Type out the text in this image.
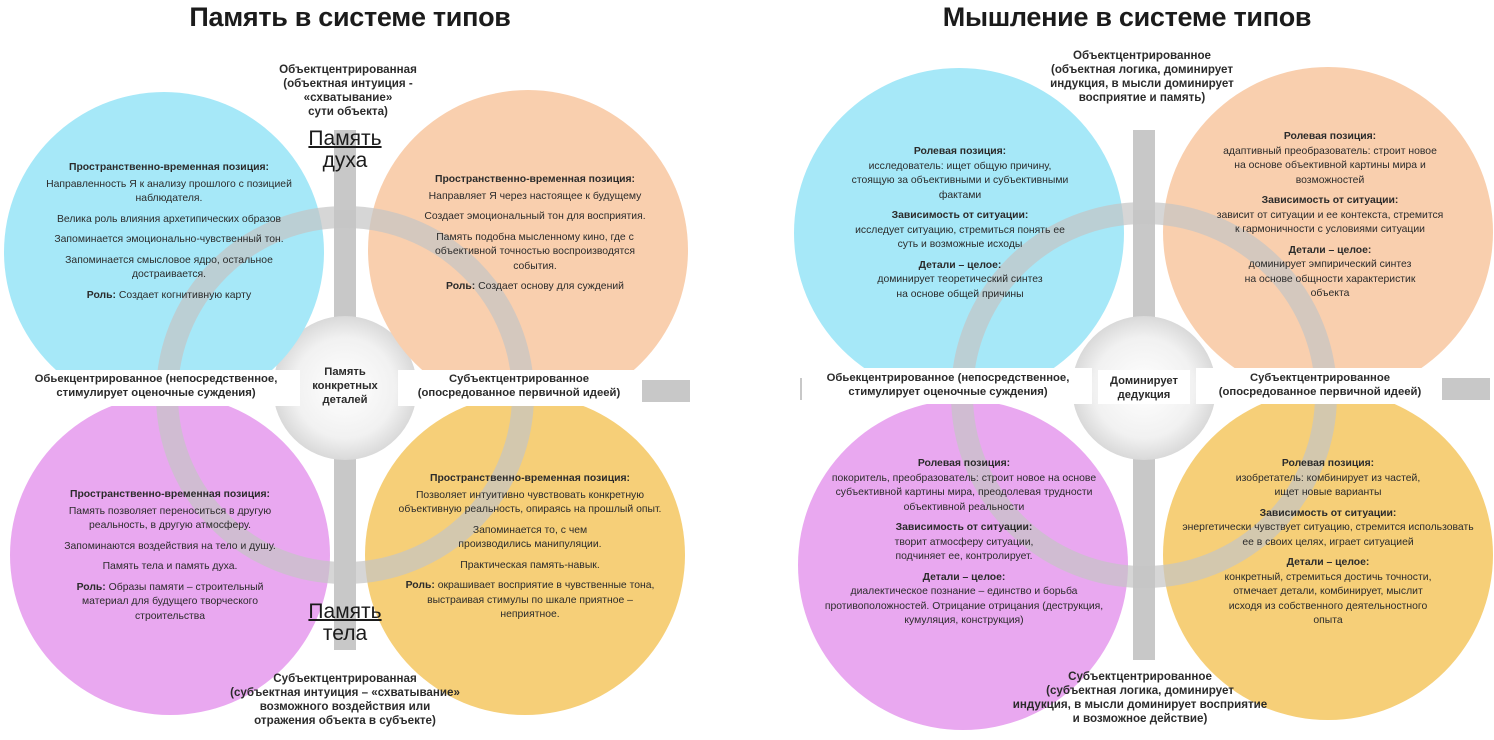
Память в системе типов
Объектцентрированная
(объектная интуиция -
«схватывание»
сути объекта)
Память
духа
Память
тела
Память
конкретных
деталей
Обьекцентрированное (непосредственное,
стимулирует оценочные суждения)
Субъектцентрированное
(опосредованное первичной идеей)
Субъектцентрированная
(субъектная интуиция – «схватывание»
возможного воздействия или
отражения объекта в субъекте)

Пространственно-временная позиция:

Направленность Я к анализу прошлого с позицией наблюдателя.

Велика роль влияния архетипических образов

Запоминается эмоционально-чувственный тон.

Запоминается смысловое ядро, остальное достраивается.

Роль: Создает когнитивную карту

Пространственно-временная позиция:

Направляет Я через настоящее к будущему

Создает эмоциональный тон для восприятия.

Память подобна мысленному кино, где с объективной точностью воспроизводятся события.

Роль: Создает основу для суждений

Пространственно-временная позиция:

Память позволяет переноситься в другую реальность, в другую атмосферу.

Запоминаются воздействия на тело и душу.

Память тела и память духа.

Роль: Образы памяти – строительный материал для будущего творческого строительства

Пространственно-временная позиция:

Позволяет интуитивно чувствовать конкретную объективную реальность, опираясь на прошлый опыт.

Запоминается то, с чем производились манипуляции.

Практическая память-навык.

Роль: окрашивает восприятие в чувственные тона, выстраивая стимулы по шкале приятное – неприятное.

Мышление в системе типов
Объектцентрированное
(объектная логика, доминирует
индукция, в мысли доминирует
восприятие и память)
Доминирует
дедукция
Обьекцентрированное (непосредственное,
стимулирует оценочные суждения)
Субъектцентрированное
(опосредованное первичной идеей)
Субъектцентрированное
(субъектная логика, доминирует
индукция, в мысли доминирует восприятие
и возможное действие)

Ролевая позиция:

исследователь: ищет общую причину, стоящую за объективными и субъективными фактами

Зависимость от ситуации:

исследует ситуацию, стремиться понять ее суть и возможные исходы

Детали – целое:

доминирует теоретический синтез на основе общей причины

Ролевая позиция:

адаптивный преобразователь: строит новое на основе объективной картины мира и возможностей

Зависимость от ситуации:

зависит от ситуации и ее контекста, стремится к гармоничности с условиями ситуации

Детали – целое:

доминирует эмпирический синтез на основе общности характеристик объекта

Ролевая позиция:

покоритель, преобразователь: строит новое на основе субъективной картины мира, преодолевая трудности объективной реальности

Зависимость от ситуации:

творит атмосферу ситуации, подчиняет ее, контролирует.

Детали – целое:

диалектическое познание – единство и борьба противоположностей. Отрицание отрицания (деструкция, кумуляция, конструкция)

Ролевая позиция:

изобретатель: комбинирует из частей, ищет новые варианты

Зависимость от ситуации:

энергетически чувствует ситуацию, стремится использовать ее в своих целях, играет ситуацией

Детали – целое:

конкретный, стремиться достичь точности, отмечает детали, комбинирует, мыслит исходя из собственного деятельностного опыта
